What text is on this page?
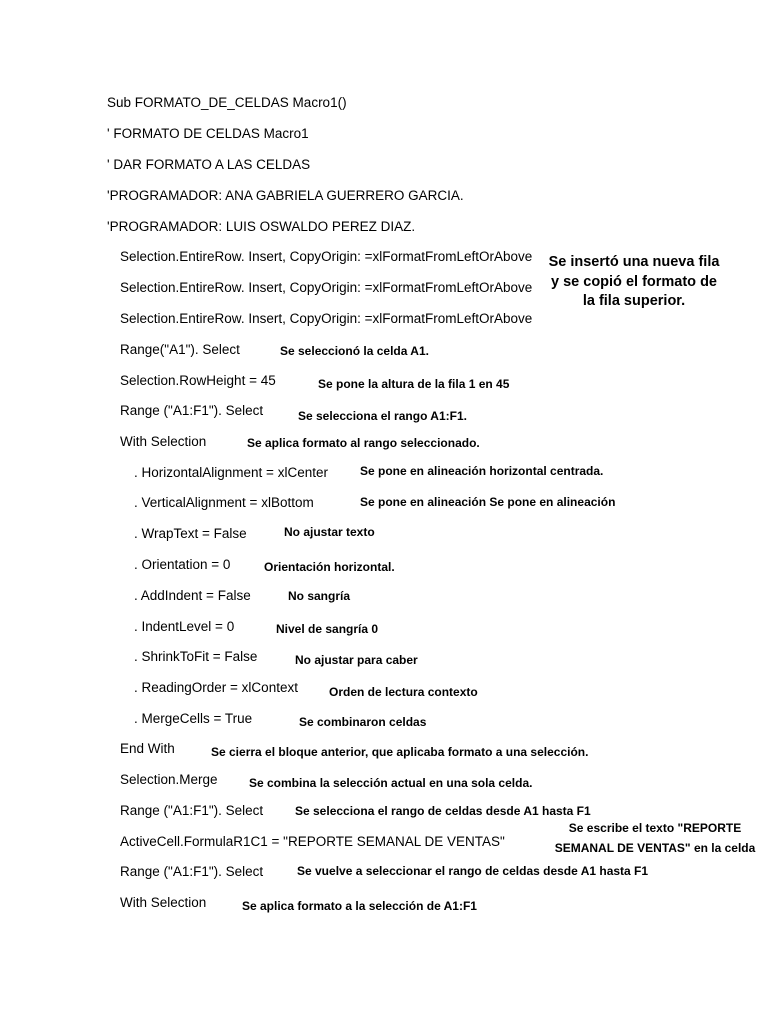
Sub FORMATO_DE_CELDAS Macro1()
' FORMATO DE CELDAS Macro1
' DAR FORMATO A LAS CELDAS
'PROGRAMADOR: ANA GABRIELA GUERRERO GARCIA.
'PROGRAMADOR: LUIS OSWALDO PEREZ DIAZ.
Selection.EntireRow. Insert, CopyOrigin: =xlFormatFromLeftOrAbove
Selection.EntireRow. Insert, CopyOrigin: =xlFormatFromLeftOrAbove
Selection.EntireRow. Insert, CopyOrigin: =xlFormatFromLeftOrAbove
Range("A1"). Select
Selection.RowHeight = 45
Range ("A1:F1"). Select
With Selection
. HorizontalAlignment = xlCenter
. VerticalAlignment = xlBottom
. WrapText = False
. Orientation = 0
. AddIndent = False
. IndentLevel = 0
. ShrinkToFit = False
. ReadingOrder = xlContext
. MergeCells = True
End With
Selection.Merge
Range ("A1:F1"). Select
ActiveCell.FormulaR1C1 = "REPORTE SEMANAL DE VENTAS"
Range ("A1:F1"). Select
With Selection
Se insertó una nueva fila y se copió el formato de la fila superior.
Se seleccionó la celda A1.
Se pone la altura de la fila 1 en 45
Se selecciona el rango A1:F1.
Se aplica formato al rango seleccionado.
Se pone en alineación horizontal centrada.
Se pone en alineación Se pone en alineación
No ajustar texto
Orientación horizontal.
No sangría
Nivel de sangría 0
No ajustar para caber
Orden de lectura contexto
Se combinaron celdas
Se cierra el bloque anterior, que aplicaba formato a una selección.
Se combina la selección actual en una sola celda.
Se selecciona el rango de celdas desde A1 hasta F1
Se escribe el texto "REPORTE SEMANAL DE VENTAS" en la celda
Se vuelve a seleccionar el rango de celdas desde A1 hasta F1
Se aplica formato a la selección de A1:F1
